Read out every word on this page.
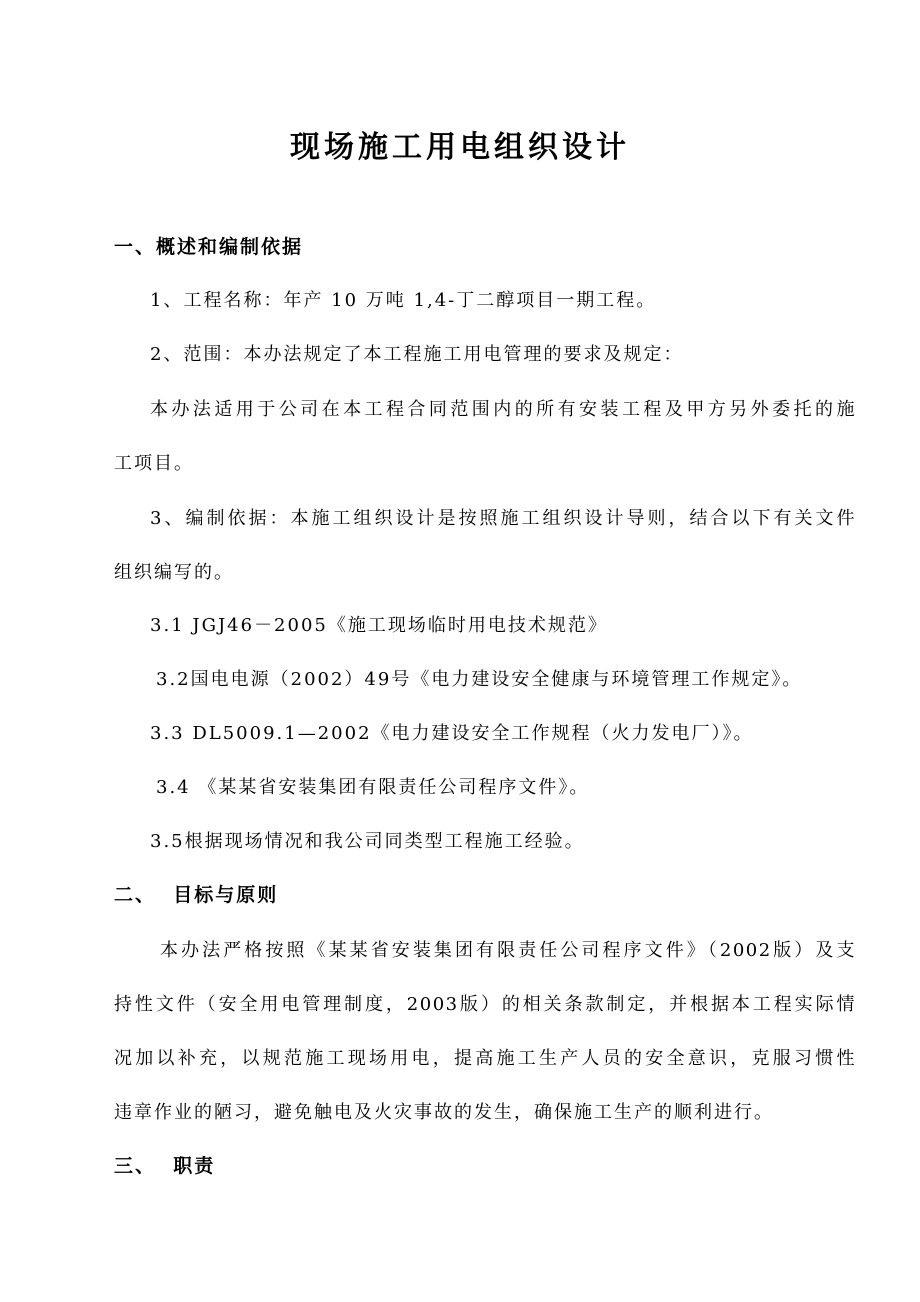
现场施工用电组织设计
一、概述和编制依据

1、工程名称：年产 10 万吨 1,4-丁二醇项目一期工程。

2、范围：本办法规定了本工程施工用电管理的要求及规定：

本办法适用于公司在本工程合同范围内的所有安装工程及甲方另外委托的施

工项目。

3、编制依据：本施工组织设计是按照施工组织设计导则，结合以下有关文件

组织编写的。

3.1 JGJ46－2005《施工现场临时用电技术规范》

3.2国电电源（2002）49号《电力建设安全健康与环境管理工作规定》。

3.3 DL5009.1—2002《电力建设安全工作规程（火力发电厂）》。

3.4 《某某省安装集团有限责任公司程序文件》。

3.5根据现场情况和我公司同类型工程施工经验。

二、  目标与原则

本办法严格按照《某某省安装集团有限责任公司程序文件》（2002版）及支

持性文件（安全用电管理制度，2003版）的相关条款制定，并根据本工程实际情

况加以补充，以规范施工现场用电，提高施工生产人员的安全意识，克服习惯性

违章作业的陋习，避免触电及火灾事故的发生，确保施工生产的顺利进行。

三、  职责
